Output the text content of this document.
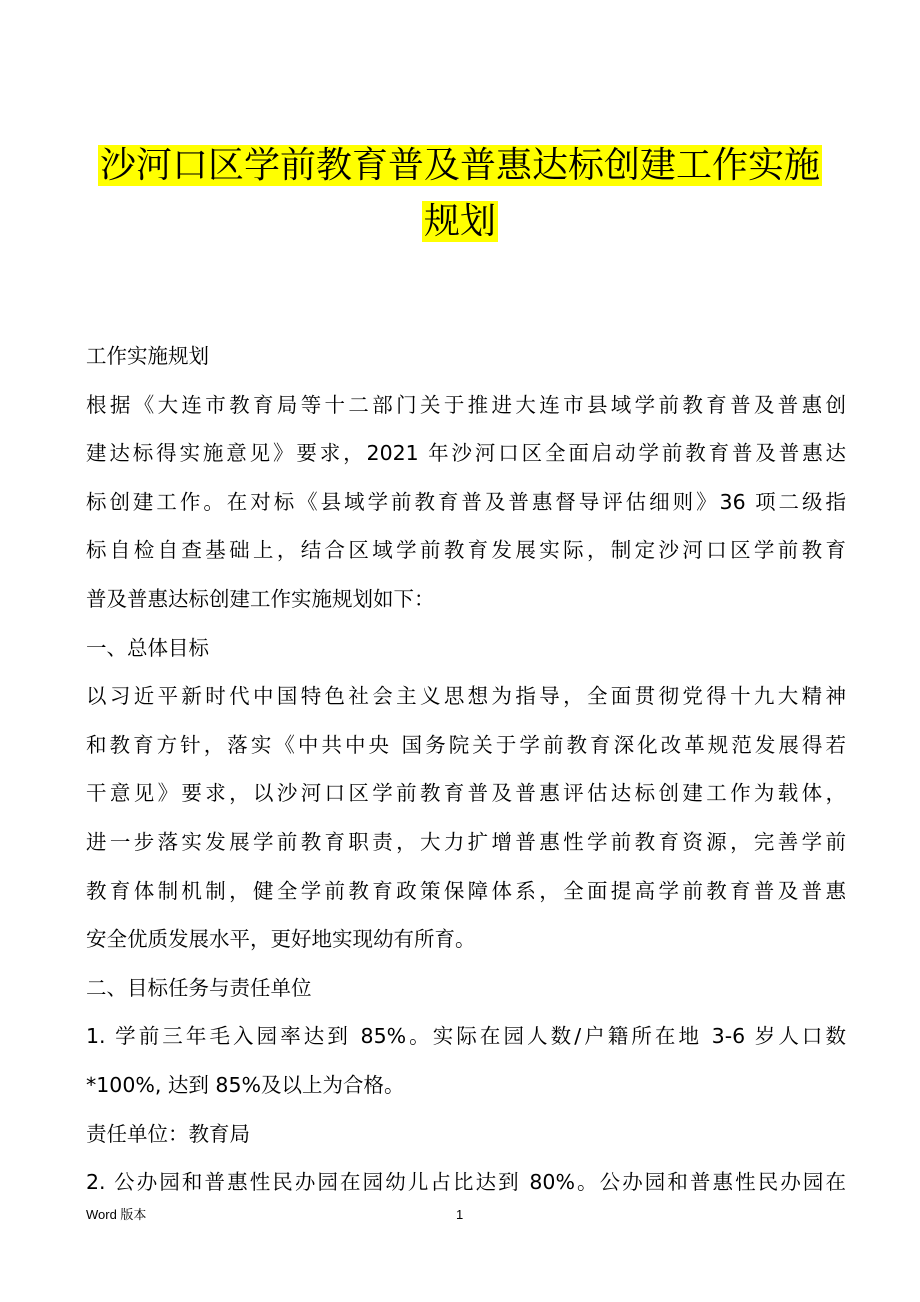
沙河口区学前教育普及普惠达标创建工作实施
规划
工作实施规划
根据《大连市教育局等十二部门关于推进大连市县域学前教育普及普惠创
建达标得实施意见》要求，2021 年沙河口区全面启动学前教育普及普惠达
标创建工作。在对标《县域学前教育普及普惠督导评估细则》36 项二级指
标自检自查基础上，结合区域学前教育发展实际，制定沙河口区学前教育
普及普惠达标创建工作实施规划如下：
一、总体目标
以习近平新时代中国特色社会主义思想为指导，全面贯彻党得十九大精神
和教育方针，落实《中共中央 国务院关于学前教育深化改革规范发展得若
干意见》要求，以沙河口区学前教育普及普惠评估达标创建工作为载体，
进一步落实发展学前教育职责，大力扩增普惠性学前教育资源，完善学前
教育体制机制，健全学前教育政策保障体系，全面提高学前教育普及普惠
安全优质发展水平，更好地实现幼有所育。
二、目标任务与责任单位
1. 学前三年毛入园率达到 85%。实际在园人数/户籍所在地 3-6 岁人口数
*100%, 达到 85%及以上为合格。
责任单位：教育局
2. 公办园和普惠性民办园在园幼儿占比达到 80%。公办园和普惠性民办园在
Word 版本	1
